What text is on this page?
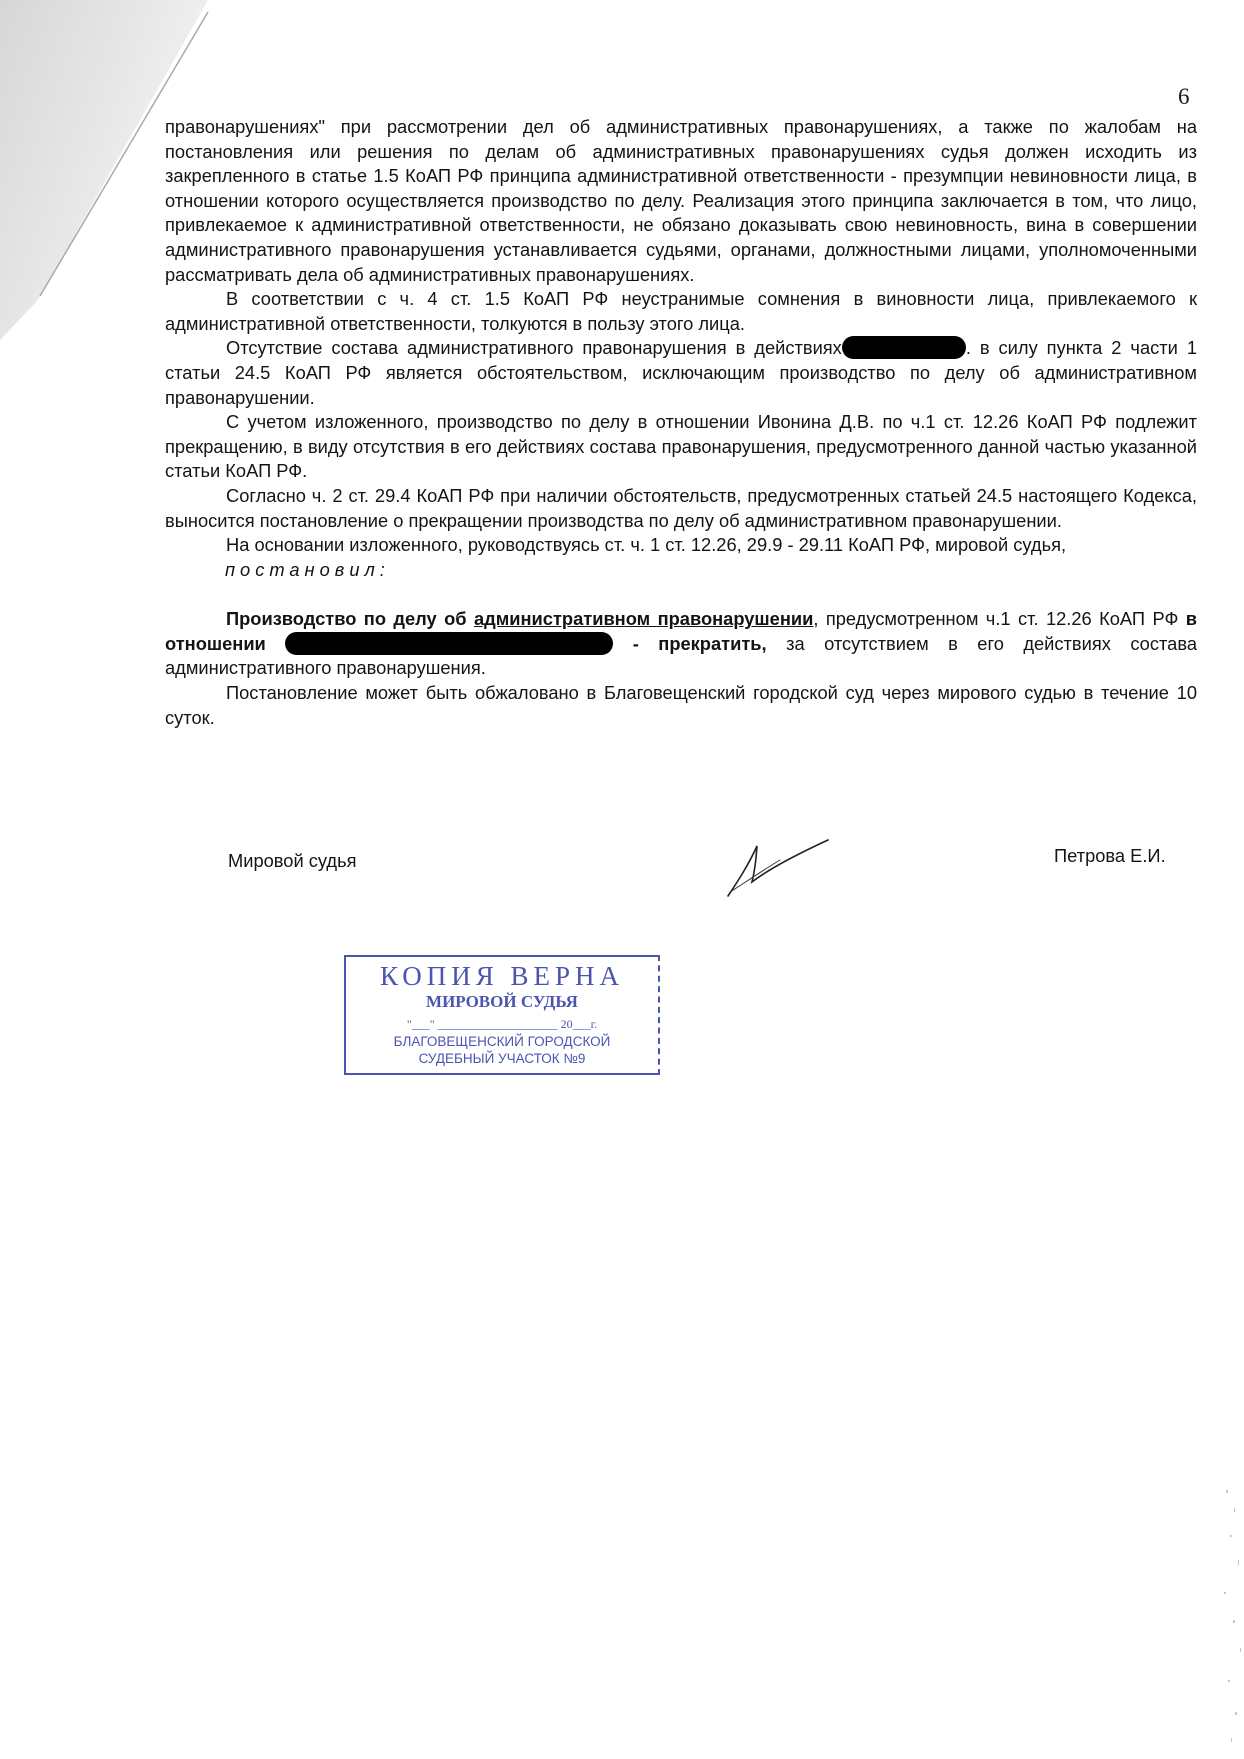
6

правонарушениях" при рассмотрении дел об административных правонарушениях, а также по жалобам на постановления или решения по делам об административных правонарушениях судья должен исходить из закрепленного в статье 1.5 КоАП РФ принципа административной ответственности - презумпции невиновности лица, в отношении которого осуществляется производство по делу. Реализация этого принципа заключается в том, что лицо, привлекаемое к административной ответственности, не обязано доказывать свою невиновность, вина в совершении административного правонарушения устанавливается судьями, органами, должностными лицами, уполномоченными рассматривать дела об административных правонарушениях.

В соответствии с ч. 4 ст. 1.5 КоАП РФ неустранимые сомнения в виновности лица, привлекаемого к административной ответственности, толкуются в пользу этого лица.

Отсутствие состава административного правонарушения в действиях	. в силу пункта 2 части 1 статьи 24.5 КоАП РФ является обстоятельством, исключающим производство по делу об административном правонарушении.

С учетом изложенного, производство по делу в отношении Ивонина Д.В. по ч.1 ст. 12.26 КоАП РФ подлежит прекращению, в виду отсутствия в его действиях состава правонарушения, предусмотренного данной частью указанной статьи КоАП РФ.

Согласно ч. 2 ст. 29.4 КоАП РФ при наличии обстоятельств, предусмотренных статьей 24.5 настоящего Кодекса, выносится постановление о прекращении производства по делу об административном правонарушении.

На основании изложенного, руководствуясь ст. ч. 1 ст. 12.26, 29.9 - 29.11 КоАП РФ, мировой судья,

постановил:

Производство по делу об административном правонарушении, предусмотренном ч.1 ст. 12.26 КоАП РФ в отношении	- прекратить, за отсутствием в его действиях состава административного правонарушения.

Постановление может быть обжаловано в Благовещенский городской суд через мирового судью в течение 10 суток.

Мировой судья	Петрова Е.И.
КОПИЯ ВЕРНА
МИРОВОЙ СУДЬЯ
"___" ____________________ 20___г.
БЛАГОВЕЩЕНСКИЙ ГОРОДСКОЙ
СУДЕБНЫЙ УЧАСТОК №9
